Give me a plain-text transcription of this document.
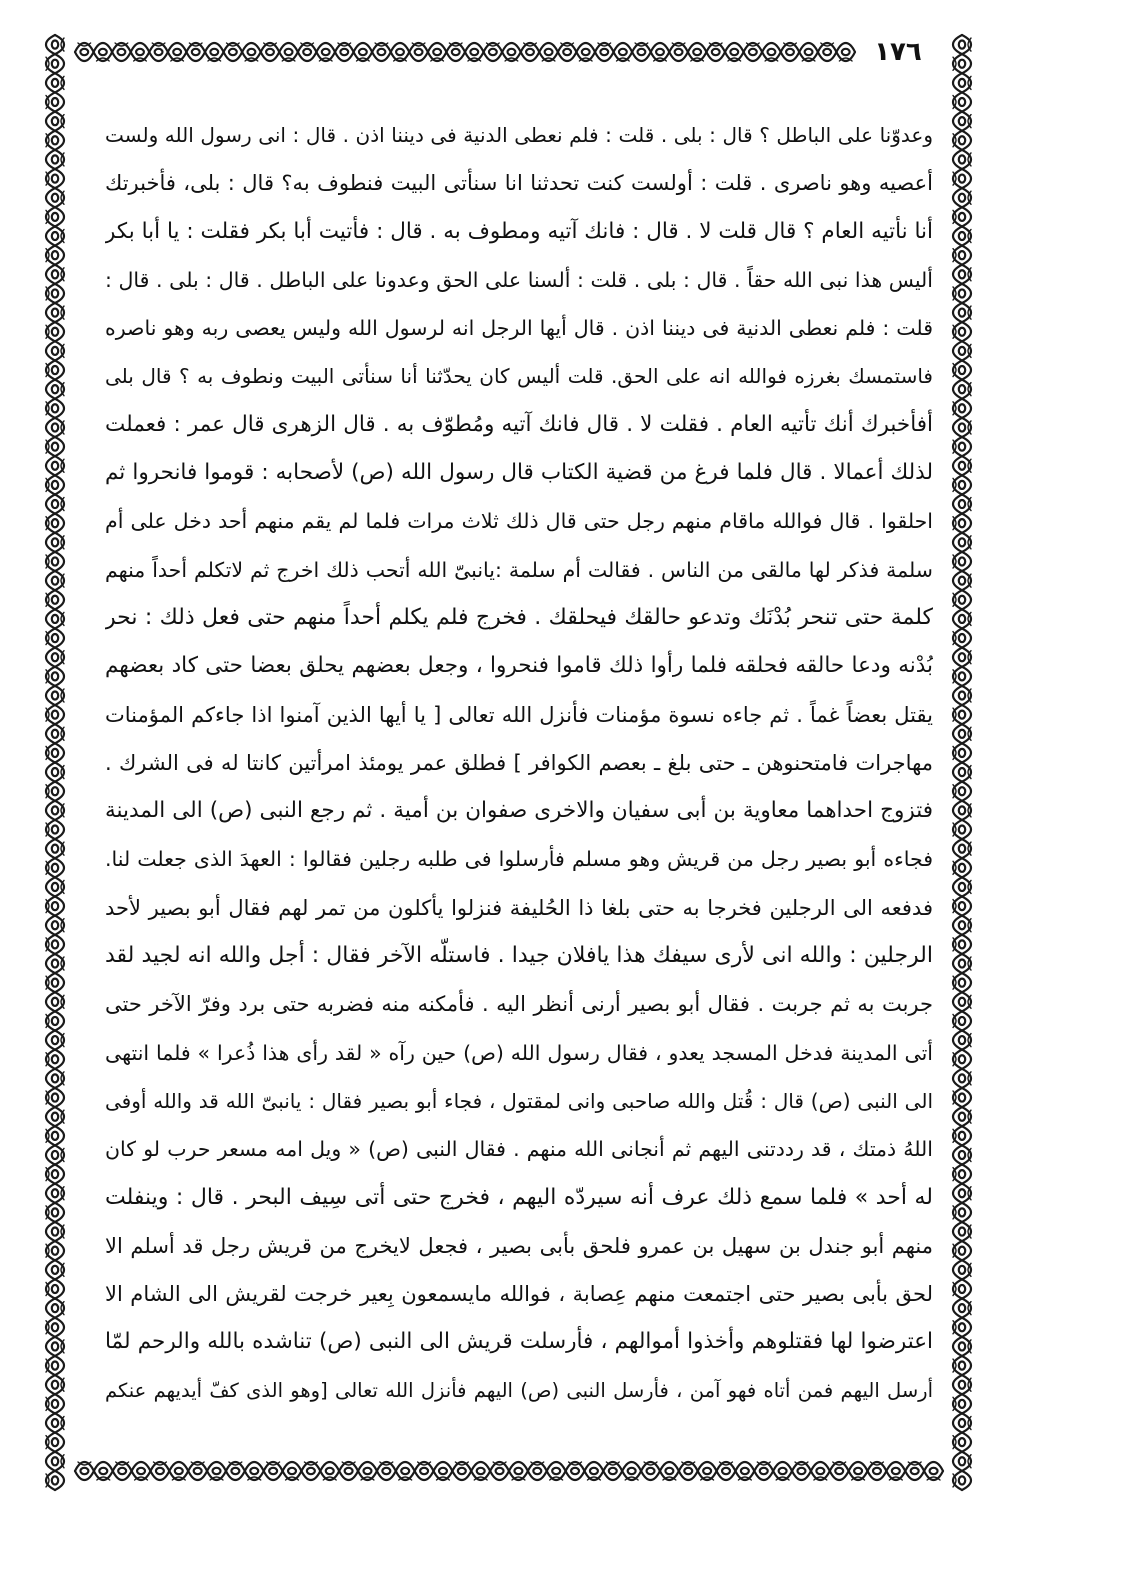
١٧٦
وعدوّنا على الباطل ؟ قال : بلى . قلت : فلم نعطى الدنية فى ديننا اذن . قال : انى رسول الله ولست
أعصيه وهو ناصرى . قلت : أولست كنت تحدثنا انا سنأتى البيت فنطوف به؟ قال : بلى، فأخبرتك
أنا نأتيه العام ؟ قال قلت لا . قال : فانك آتيه ومطوف به . قال : فأتيت أبا بكر فقلت : يا أبا بكر
أليس هذا نبى الله حقاً . قال : بلى . قلت : ألسنا على الحق وعدونا على الباطل . قال : بلى . قال :
قلت : فلم نعطى الدنية فى ديننا اذن . قال أيها الرجل انه لرسول الله وليس يعصى ربه وهو ناصره
فاستمسك بغرزه فوالله انه على الحق. قلت أليس كان يحدّثنا أنا سنأتى البيت ونطوف به ؟ قال بلى
أفأخبرك أنك تأتيه العام . فقلت لا . قال فانك آتيه ومُطوّف به . قال الزهرى قال عمر : فعملت
لذلك أعمالا . قال فلما فرغ من قضية الكتاب قال رسول الله (ص) لأصحابه : قوموا فانحروا ثم
احلقوا . قال فوالله ماقام منهم رجل حتى قال ذلك ثلاث مرات فلما لم يقم منهم أحد دخل على أم
سلمة فذكر لها مالقى من الناس . فقالت أم سلمة :يانبىّ الله أتحب ذلك اخرج ثم لاتكلم أحداً منهم
كلمة حتى تنحر بُدْنَك وتدعو حالقك فيحلقك . فخرج فلم يكلم أحداً منهم حتى فعل ذلك : نحر
بُدْنه ودعا حالقه فحلقه فلما رأوا ذلك قاموا فنحروا ، وجعل بعضهم يحلق بعضا حتى كاد بعضهم
يقتل بعضاً غماً . ثم جاءه نسوة مؤمنات فأنزل الله تعالى [ يا أيها الذين آمنوا اذا جاءكم المؤمنات
مهاجرات فامتحنوهن ـ حتى بلغ ـ بعصم الكوافر ] فطلق عمر يومئذ امرأتين كانتا له فى الشرك .
فتزوج احداهما معاوية بن أبى سفيان والاخرى صفوان بن أمية . ثم رجع النبى (ص) الى المدينة
فجاءه أبو بصير رجل من قريش وهو مسلم فأرسلوا فى طلبه رجلين فقالوا : العهدَ الذى جعلت لنا.
فدفعه الى الرجلين فخرجا به حتى بلغا ذا الحُليفة فنزلوا يأكلون من تمر لهم فقال أبو بصير لأحد
الرجلين : والله انى لأرى سيفك هذا يافلان جيدا . فاستلّه الآخر فقال : أجل والله انه لجيد لقد
جربت به ثم جربت . فقال أبو بصير أرنى أنظر اليه . فأمكنه منه فضربه حتى برد وفرّ الآخر حتى
أتى المدينة فدخل المسجد يعدو ، فقال رسول الله (ص) حين رآه « لقد رأى هذا ذُعرا » فلما انتهى
الى النبى (ص) قال : قُتل والله صاحبى وانى لمقتول ، فجاء أبو بصير فقال : يانبىّ الله قد والله أوفى
اللهُ ذمتك ، قد رددتنى اليهم ثم أنجانى الله منهم . فقال النبى (ص) « ويل امه مسعر حرب لو كان
له أحد » فلما سمع ذلك عرف أنه سيردّه اليهم ، فخرج حتى أتى سِيف البحر . قال : وينفلت
منهم أبو جندل بن سهيل بن عمرو فلحق بأبى بصير ، فجعل لايخرج من قريش رجل قد أسلم الا
لحق بأبى بصير حتى اجتمعت منهم عِصابة ، فوالله مايسمعون بِعير خرجت لقريش الى الشام الا
اعترضوا لها فقتلوهم وأخذوا أموالهم ، فأرسلت قريش الى النبى (ص) تناشده بالله والرحم لمّا
أرسل اليهم فمن أتاه فهو آمن ، فأرسل النبى (ص) اليهم فأنزل الله تعالى [وهو الذى كفّ أيديهم عنكم
